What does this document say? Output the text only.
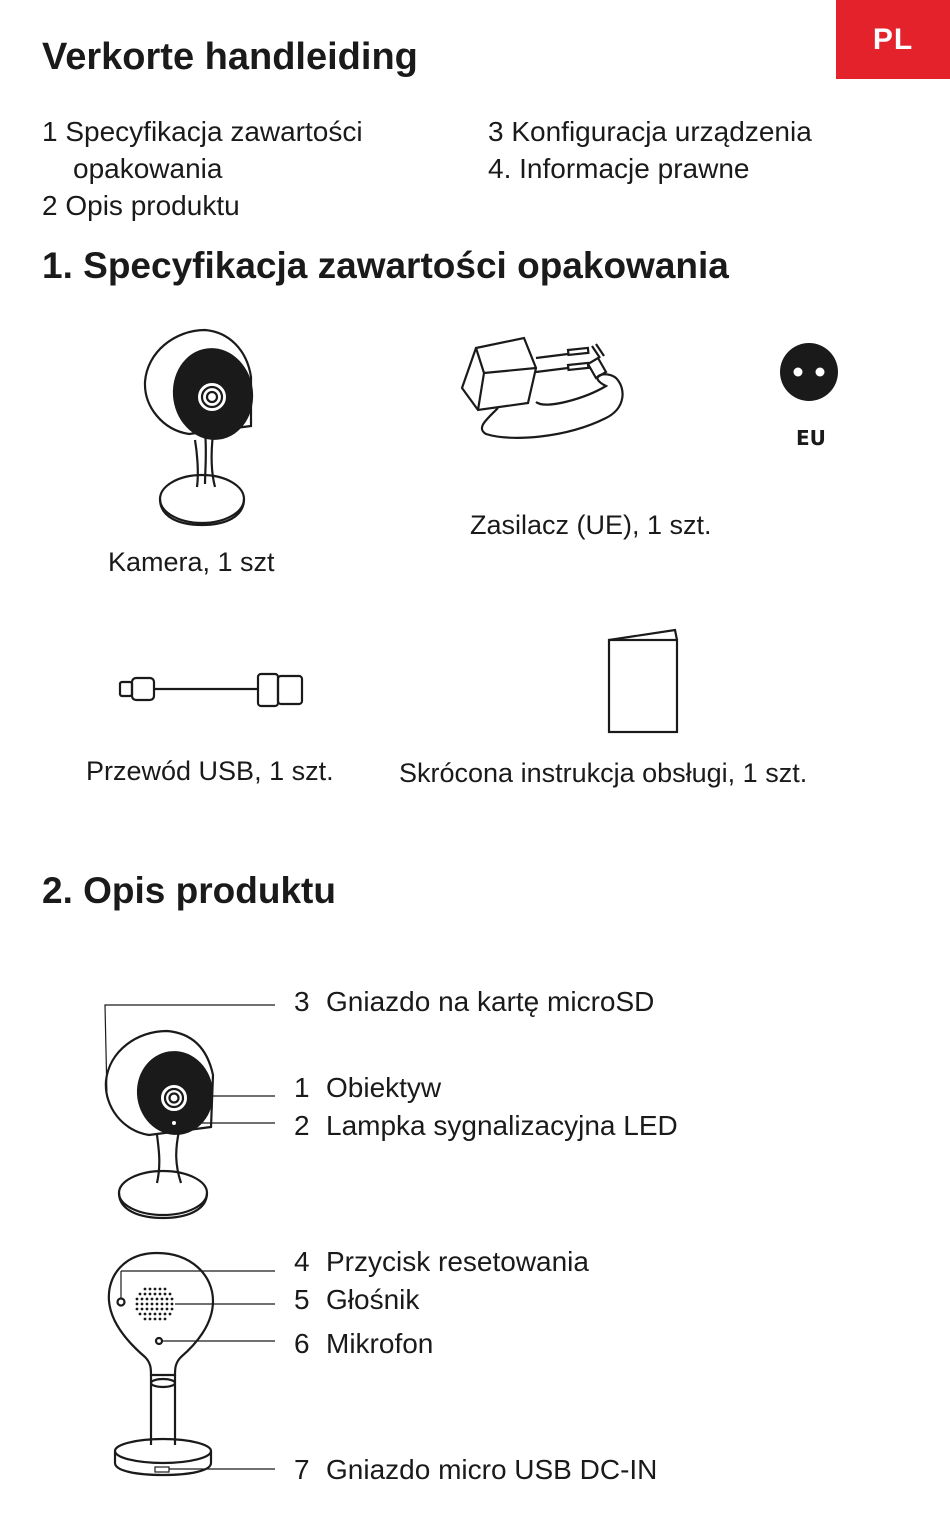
PL
Verkorte handleiding
1 Specyfikacja zawartości
opakowania
2 Opis produktu
3 Konfiguracja urządzenia
4. Informacje prawne
1. Specyfikacja zawartości opakowania
Kamera, 1 szt
EU
Zasilacz (UE), 1 szt.
Przewód USB, 1 szt. Skrócona instrukcja obsługi, 1 szt.
2. Opis produktu
3 Gniazdo na kartę microSD
1 Obiektyw
2 Lampka sygnalizacyjna LED
4 Przycisk resetowania
5 Głośnik
6 Mikrofon
7 Gniazdo micro USB DC-IN
